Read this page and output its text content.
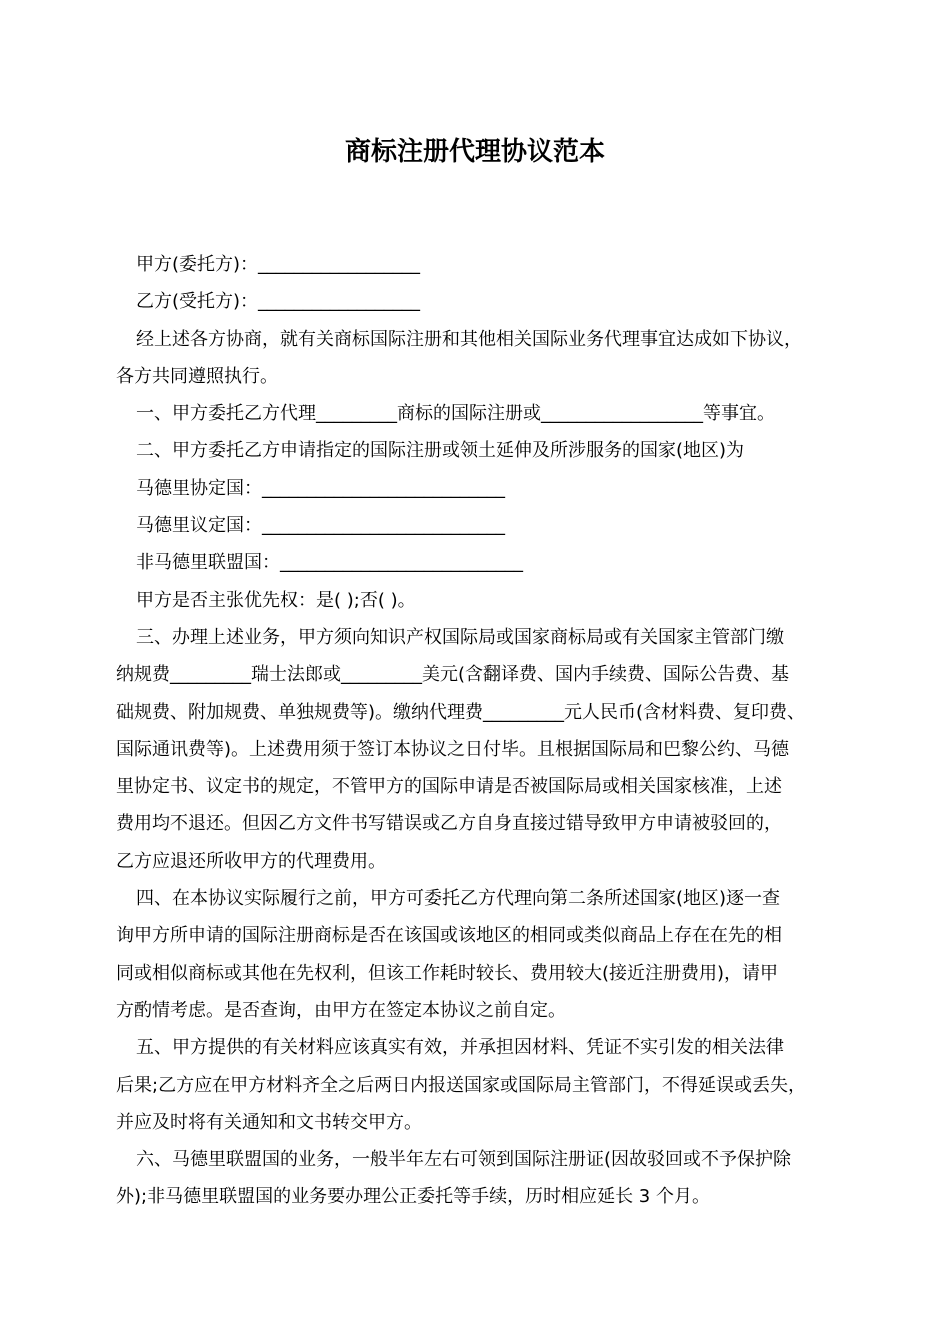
商标注册代理协议范本
甲方(委托方)：__________________
乙方(受托方)：__________________
经上述各方协商，就有关商标国际注册和其他相关国际业务代理事宜达成如下协议，
各方共同遵照执行。
一、甲方委托乙方代理_________商标的国际注册或__________________等事宜。
二、甲方委托乙方申请指定的国际注册或领土延伸及所涉服务的国家(地区)为
马德里协定国：___________________________
马德里议定国：___________________________
非马德里联盟国：___________________________
甲方是否主张优先权：是( );否( )。
三、办理上述业务，甲方须向知识产权国际局或国家商标局或有关国家主管部门缴
纳规费_________瑞士法郎或_________美元(含翻译费、国内手续费、国际公告费、基
础规费、附加规费、单独规费等)。缴纳代理费_________元人民币(含材料费、复印费、
国际通讯费等)。上述费用须于签订本协议之日付毕。且根据国际局和巴黎公约、马德
里协定书、议定书的规定，不管甲方的国际申请是否被国际局或相关国家核准，上述
费用均不退还。但因乙方文件书写错误或乙方自身直接过错导致甲方申请被驳回的，
乙方应退还所收甲方的代理费用。
四、在本协议实际履行之前，甲方可委托乙方代理向第二条所述国家(地区)逐一查
询甲方所申请的国际注册商标是否在该国或该地区的相同或类似商品上存在在先的相
同或相似商标或其他在先权利，但该工作耗时较长、费用较大(接近注册费用)，请甲
方酌情考虑。是否查询，由甲方在签定本协议之前自定。
五、甲方提供的有关材料应该真实有效，并承担因材料、凭证不实引发的相关法律
后果;乙方应在甲方材料齐全之后两日内报送国家或国际局主管部门，不得延误或丢失，
并应及时将有关通知和文书转交甲方。
六、马德里联盟国的业务，一般半年左右可领到国际注册证(因故驳回或不予保护除
外);非马德里联盟国的业务要办理公正委托等手续，历时相应延长 3 个月。
